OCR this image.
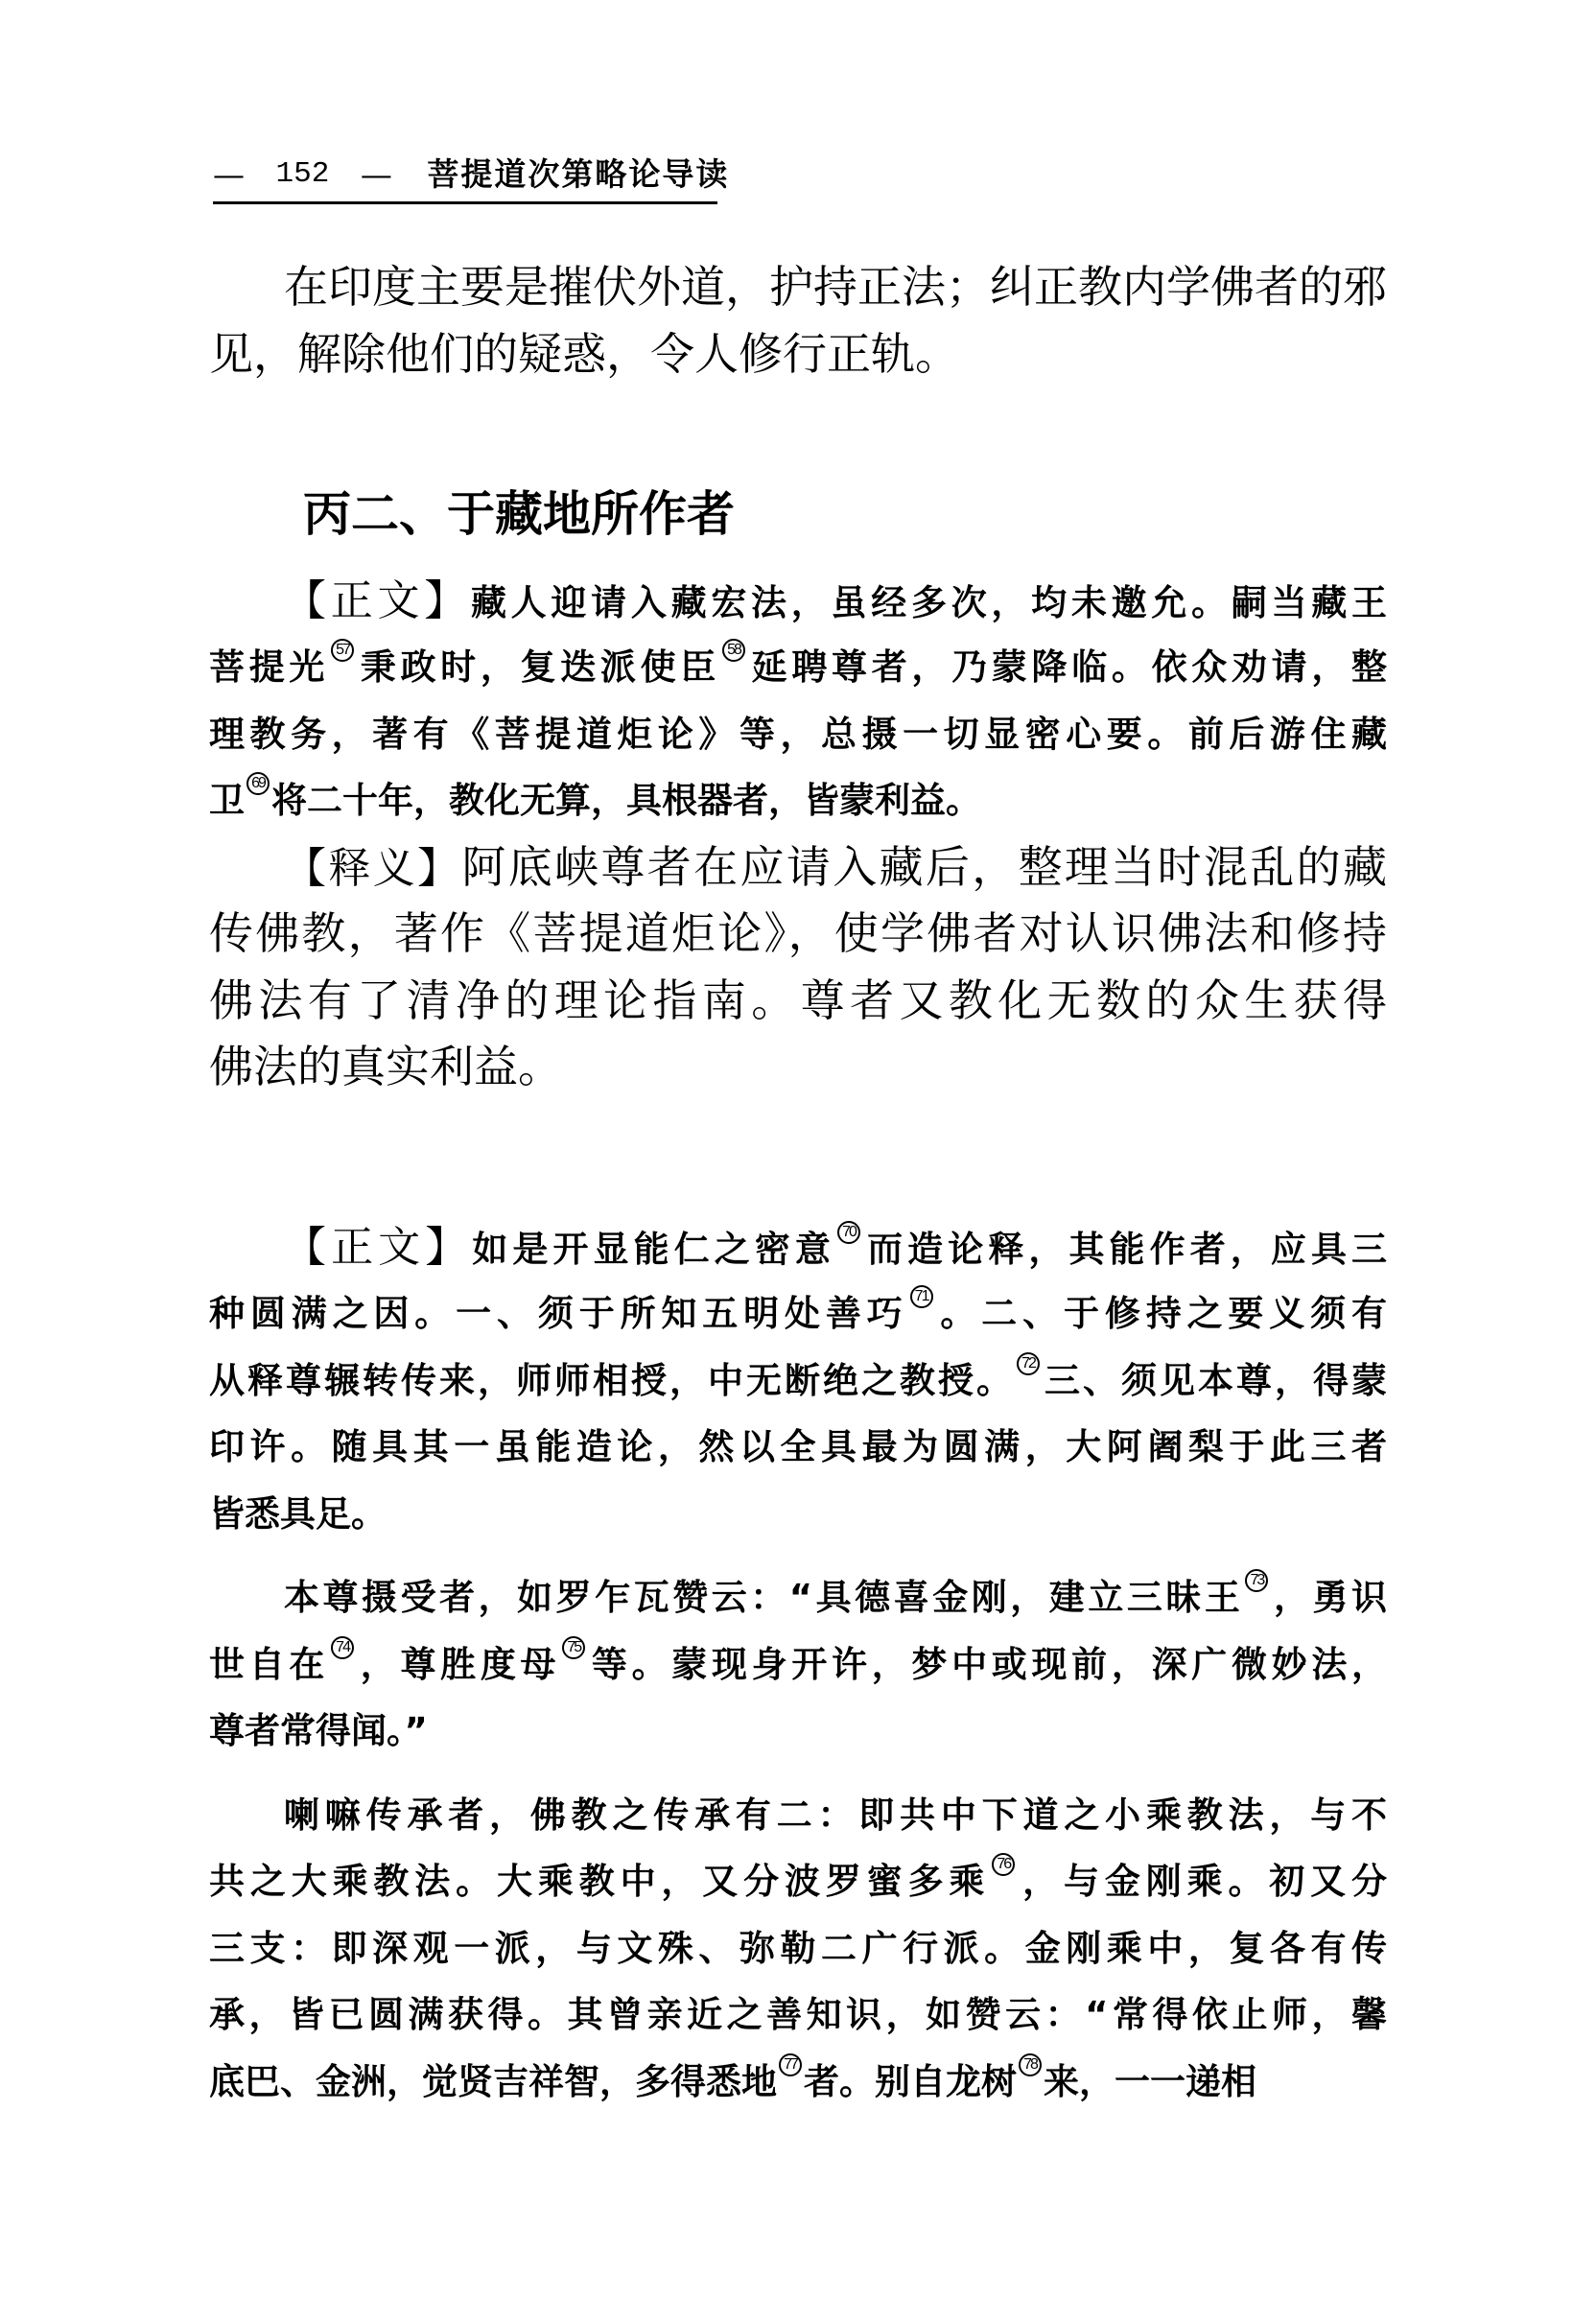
— 152 — 菩提道次第略论导读
在印度主要是摧伏外道，护持正法；纠正教内学佛者的邪
见，解除他们的疑惑，令人修行正轨。
丙二、于藏地所作者
【正文】藏人迎请入藏宏法，虽经多次，均未邀允。嗣当藏王
菩提光 57 秉政时，复迭派使臣 58 延聘尊者，乃蒙降临。依众劝请，整
理教务，著有《菩提道炬论》等，总摄一切显密心要。前后游住藏
卫 69 将二十年，教化无算，具根器者，皆蒙利益。
【释义】阿底峡尊者在应请入藏后，整理当时混乱的藏
传佛教，著作《菩提道炬论》，使学佛者对认识佛法和修持
佛法有了清净的理论指南。尊者又教化无数的众生获得
佛法的真实利益。
【正文】如是开显能仁之密意 70 而造论释，其能作者，应具三
种圆满之因。一、须于所知五明处善巧 71 。二、于修持之要义须有
从释尊辗转传来，师师相授，中无断绝之教授。 72 三、须见本尊，得蒙
印许。随具其一虽能造论，然以全具最为圆满，大阿阇梨于此三者
皆悉具足。
本尊摄受者，如罗乍瓦赞云：“具德喜金刚，建立三昧王 73 ，勇识
世自在 74 ，尊胜度母 75 等。蒙现身开许，梦中或现前，深广微妙法，
尊者常得闻。”
喇嘛传承者，佛教之传承有二：即共中下道之小乘教法，与不
共之大乘教法。大乘教中，又分波罗蜜多乘 76 ，与金刚乘。初又分
三支：即深观一派，与文殊、弥勒二广行派。金刚乘中，复各有传
承，皆已圆满获得。其曾亲近之善知识，如赞云：“常得依止师，馨
底巴、金洲，觉贤吉祥智，多得悉地 77 者。别自龙树 78 来，一一递相
